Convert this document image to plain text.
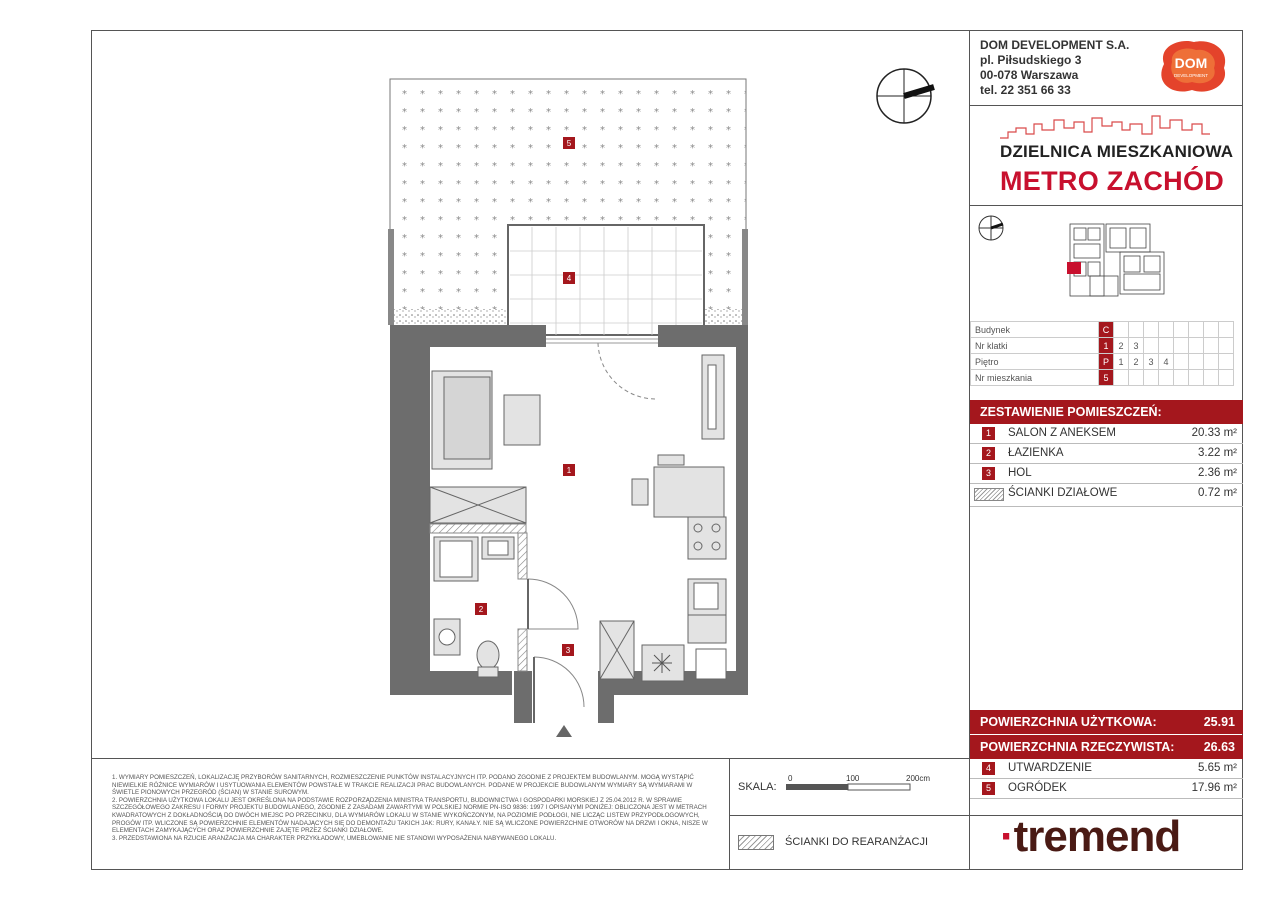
5
4
1
2
3
DOM DEVELOPMENT S.A.
pl. Piłsudskiego 3
00-078 Warszawa
tel. 22 351 66 33
DOM
DEVELOPMENT
DZIELNICA MIESZKANIOWA
METRO ZACHÓD
Budynek	C								
Nr klatki	1	2	3						
Piętro	P	1	2	3	4				
Nr mieszkania	5								
ZESTAWIENIE POMIESZCZEŃ:
1	SALON Z ANEKSEM	20.33 m²
2	ŁAZIENKA	3.22 m²
3	HOL	2.36 m²
ŚCIANKI DZIAŁOWE	0.72 m²
POWIERZCHNIA UŻYTKOWA:	25.91
POWIERZCHNIA RZECZYWISTA: 26.63
4	UTWARDZENIE	5.65 m²
5	OGRÓDEK	17.96 m²

1. WYMIARY POMIESZCZEŃ, LOKALIZACJĘ PRZYBORÓW SANITARNYCH, ROZMIESZCZENIE PUNKTÓW INSTALACYJNYCH ITP. PODANO ZGODNIE Z PROJEKTEM BUDOWLANYM. MOGĄ WYSTĄPIĆ NIEWIELKIE RÓŻNICE WYMIARÓW I USYTUOWANIA ELEMENTÓW POWSTAŁE W TRAKCIE REALIZACJI PRAC BUDOWLANYCH. PODANE W PROJEKCIE BUDOWLANYM WYMIARY SĄ WYMIARAMI W ŚWIETLE PIONOWYCH PRZEGRÓD (ŚCIAN) W STANIE SUROWYM.

2. POWIERZCHNIA UŻYTKOWA LOKALU JEST OKREŚLONA NA PODSTAWIE ROZPORZĄDZENIA MINISTRA TRANSPORTU, BUDOWNICTWA I GOSPODARKI MORSKIEJ Z 25.04.2012 R. W SPRAWIE SZCZEGÓŁOWEGO ZAKRESU I FORMY PROJEKTU BUDOWLANEGO, ZGODNIE Z ZASADAMI ZAWARTYMI W POLSKIEJ NORMIE PN-ISO 9836: 1997 I OPISANYMI PONIŻEJ: OBLICZONA JEST W METRACH KWADRATOWYCH Z DOKŁADNOŚCIĄ DO DWÓCH MIEJSC PO PRZECINKU, DLA WYMIARÓW LOKALU W STANIE WYKOŃCZONYM, NA POZIOMIE PODŁOGI, NIE LICZĄC LISTEW PRZYPODŁOGOWYCH, PROGÓW ITP. WLICZONE SĄ POWIERZCHNIE ELEMENTÓW NADAJĄCYCH SIĘ DO DEMONTAŻU TAKICH JAK: RURY, KANAŁY. NIE SĄ WLICZONE POWIERZCHNIE OTWORÓW NA DRZWI I OKNA, NISZE W ELEMENTACH ZAMYKAJĄCYCH ORAZ POWIERZCHNIE ZAJĘTE PRZEZ ŚCIANKI DZIAŁOWE.

3. PRZEDSTAWIONA NA RZUCIE ARANŻACJA MA CHARAKTER PRZYKŁADOWY, UMEBLOWANIE NIE STANOWI WYPOSAŻENIA NABYWANEGO LOKALU.

SKALA:
0	100	200cm
ŚCIANKI DO REARANŻACJI ·tremend
